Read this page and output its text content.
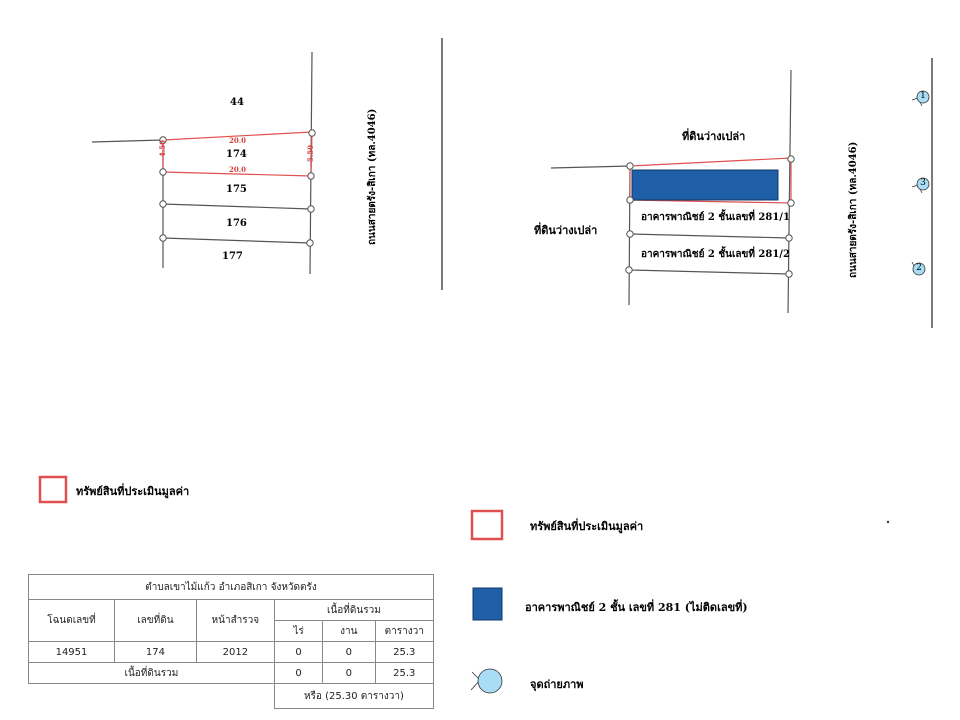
44
174
175
176
177
20.0
20.0
4.50	5.50	ถนนสายตรัง-สิเกา (ทล.4046)	ที่ดินว่างเปล่า
ที่ดินว่างเปล่า
อาคารพาณิชย์ 2 ชั้นเลขที่ 281/1
อาคารพาณิชย์ 2 ชั้นเลขที่ 281/2	ถนนสายตรัง-สิเกา (ทล.4046)
1
3
2
ทรัพย์สินที่ประเมินมูลค่า
ทรัพย์สินที่ประเมินมูลค่า
อาคารพาณิชย์ 2 ชั้น เลขที่ 281 (ไม่ติดเลขที่)
จุดถ่ายภาพ
ตำบลเขาไม้แก้ว อำเภอสิเกา จังหวัดตรัง					
โฉนดเลขที่	เลขที่ดิน	หน้าสำรวจ	เนื้อที่ดินรวม		
			ไร่	งาน	ตารางวา
14951	174	2012	0	0	25.3
เนื้อที่ดินรวม			0	0	25.3
			หรือ (25.30 ตารางวา)		
